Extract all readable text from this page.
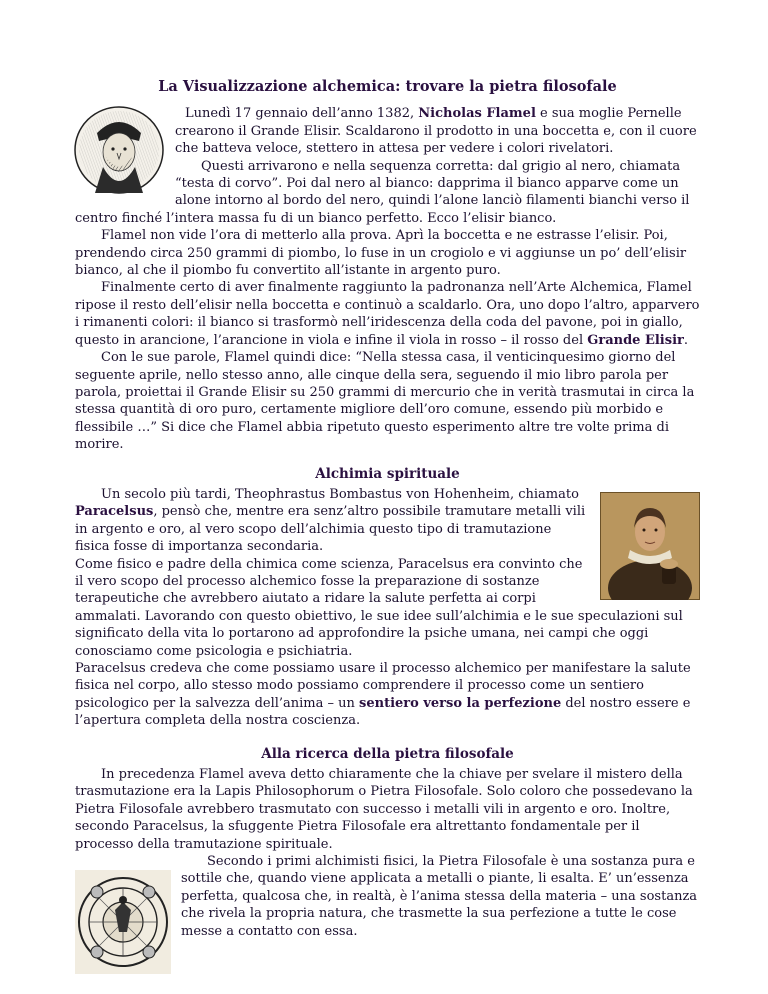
La Visualizzazione alchemica: trovare la pietra filosofale

Lunedì 17 gennaio dell’anno 1382, Nicholas Flamel e sua moglie Pernelle crearono il Grande Elisir. Scaldarono il prodotto in una boccetta e, con il cuore che batteva veloce, stettero in attesa per vedere i colori rivelatori.

Questi arrivarono e nella sequenza corretta: dal grigio al nero, chiamata “testa di corvo”. Poi dal nero al bianco: dapprima il bianco apparve come un alone intorno al bordo del nero, quindi l’alone lanciò filamenti bianchi verso il centro finché l’intera massa fu di un bianco perfetto. Ecco l’elisir bianco.

Flamel non vide l’ora di metterlo alla prova. Aprì la boccetta e ne estrasse l’elisir. Poi, prendendo circa 250 grammi di piombo, lo fuse in un crogiolo e vi aggiunse un po’ dell’elisir bianco, al che il piombo fu convertito all’istante in argento puro.

Finalmente certo di aver finalmente raggiunto la padronanza nell’Arte Alchemica, Flamel ripose il resto dell’elisir nella boccetta e continuò a scaldarlo. Ora, uno dopo l’altro, apparvero i rimanenti colori: il bianco si trasformò nell’iridescenza della coda del pavone, poi in giallo, questo in arancione, l’arancione in viola e infine il viola in rosso – il rosso del Grande Elisir.

Con le sue parole, Flamel quindi dice: “Nella stessa casa, il venticinquesimo giorno del seguente aprile, nello stesso anno, alle cinque della sera, seguendo il mio libro parola per parola, proiettai il Grande Elisir su 250 grammi di mercurio che in verità trasmutai in circa la stessa quantità di oro puro, certamente migliore dell’oro comune, essendo più morbido e flessibile …” Si dice che Flamel abbia ripetuto questo esperimento altre tre volte prima di morire.

Alchimia spirituale

Un secolo più tardi, Theophrastus Bombastus von Hohenheim, chiamato Paracelsus, pensò che, mentre era senz’altro possibile tramutare metalli vili in argento e oro, al vero scopo dell’alchimia questo tipo di tramutazione fisica fosse di importanza secondaria.

Come fisico e padre della chimica come scienza, Paracelsus era convinto che il vero scopo del processo alchemico fosse la preparazione di sostanze terapeutiche che avrebbero aiutato a ridare la salute perfetta ai corpi ammalati. Lavorando con questo obiettivo, le sue idee sull’alchimia e le sue speculazioni sul significato della vita lo portarono ad approfondire la psiche umana, nei campi che oggi conosciamo come psicologia e psichiatria.

Paracelsus credeva che come possiamo usare il processo alchemico per manifestare la salute fisica nel corpo, allo stesso modo possiamo comprendere il processo come un sentiero psicologico per la salvezza dell’anima – un sentiero verso la perfezione del nostro essere e l’apertura completa della nostra coscienza.

Alla ricerca della pietra filosofale

In precedenza Flamel aveva detto chiaramente che la chiave per svelare il mistero della trasmutazione era la Lapis Philosophorum o Pietra Filosofale. Solo coloro che possedevano la Pietra Filosofale avrebbero trasmutato con successo i metalli vili in argento e oro. Inoltre, secondo Paracelsus, la sfuggente Pietra Filosofale era altrettanto fondamentale per il processo della tramutazione spirituale.

Secondo i primi alchimisti fisici, la Pietra Filosofale è una sostanza pura e sottile che, quando viene applicata a metalli o piante, li esalta. E’ un’essenza perfetta, qualcosa che, in realtà, è l’anima stessa della materia – una sostanza che rivela la propria natura, che trasmette la sua perfezione a tutte le cose messe a contatto con essa.
